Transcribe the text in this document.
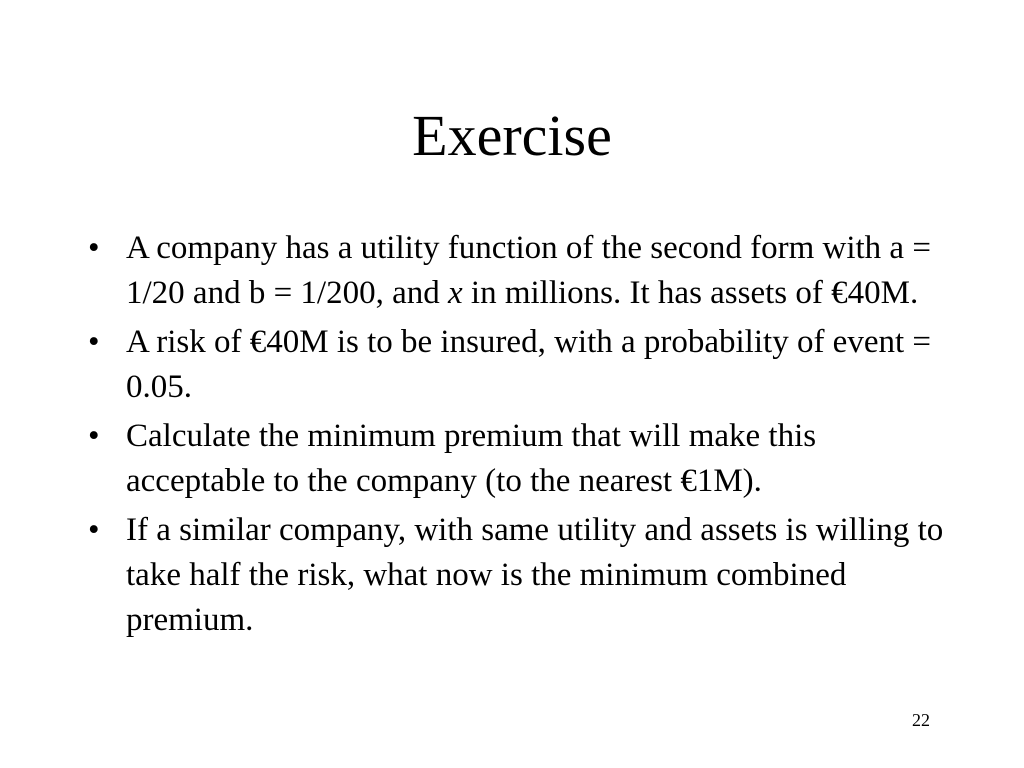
Exercise
• A company has a utility function of the second form with a = 1/20 and b = 1/200, and x in millions. It has assets of €40M.
• A risk of €40M is to be insured, with a probability of event = 0.05.
• Calculate the minimum premium that will make this acceptable to the company (to the nearest €1M).
• If a similar company, with same utility and assets is willing to take half the risk, what now is the minimum combined premium.
22
